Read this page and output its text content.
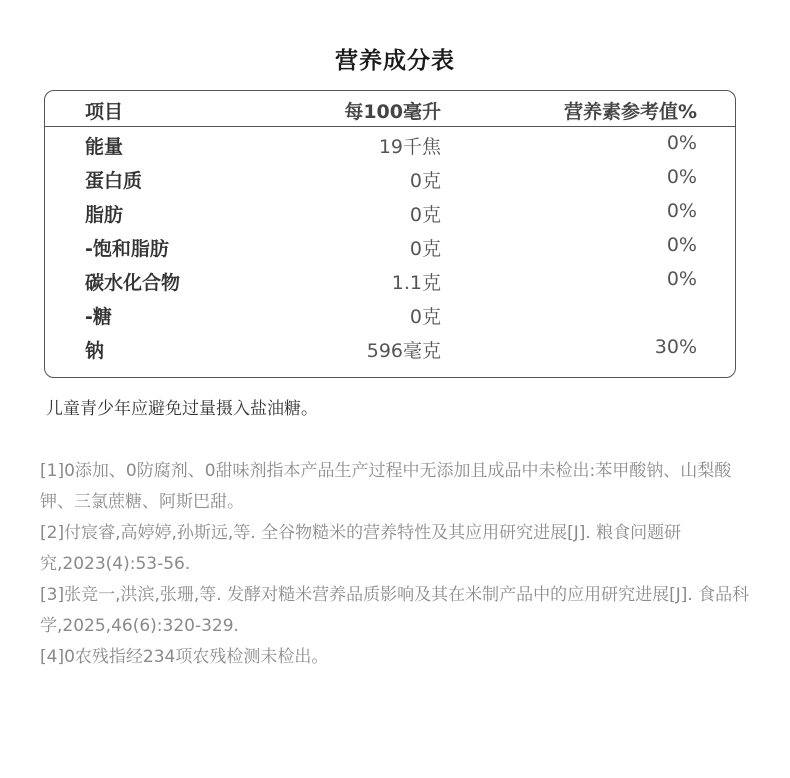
营养成分表
项目	每100毫升	营养素参考值%
能量	19千焦	0%
蛋白质	0克	0%
脂肪	0克	0%
-饱和脂肪	0克	0%
碳水化合物	1.1克	0%
-糖	0克
钠	596毫克	30%
儿童青少年应避免过量摄入盐油糖。

[1]0添加、0防腐剂、0甜味剂指本产品生产过程中无添加且成品中未检出:苯甲酸钠、山梨酸钾、三氯蔗糖、阿斯巴甜。

[2]付宸睿,高婷婷,孙斯远,等. 全谷物糙米的营养特性及其应用研究进展[J]. 粮食问题研究,2023(4):53-56.

[3]张竞一,洪滨,张珊,等. 发酵对糙米营养品质影响及其在米制产品中的应用研究进展[J]. 食品科学,2025,46(6):320-329.

[4]0农残指经234项农残检测未检出。
